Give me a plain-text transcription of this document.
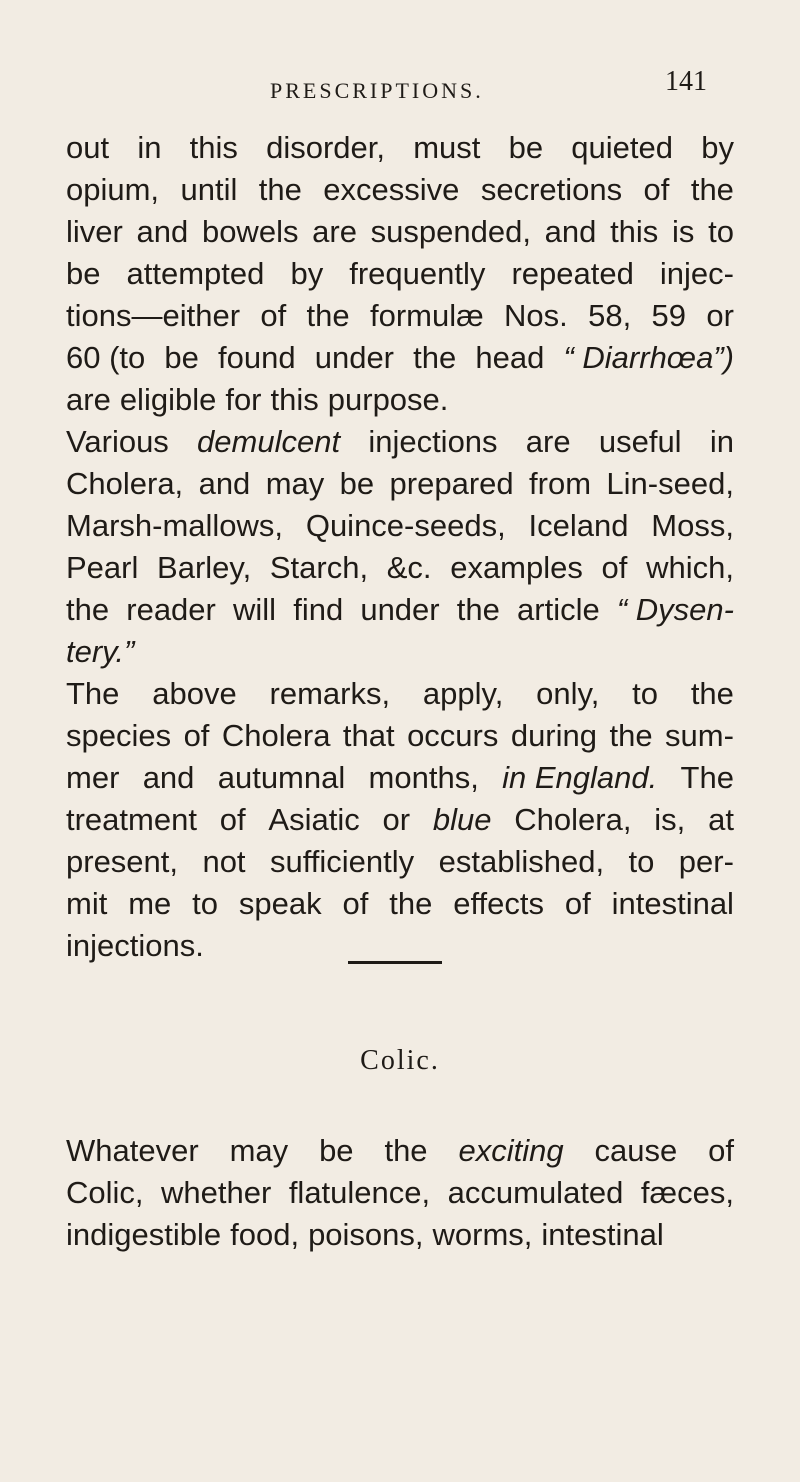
PRESCRIPTIONS.	141
out in this disorder, must be quieted by
opium, until the excessive secretions of the
liver and bowels are suspended, and this is to
be attempted by frequently repeated injec-
tions—either of the formulæ Nos. 58, 59 or
60 (to be found under the head “ Diarrhœa”)
are eligible for this purpose.
Various demulcent injections are useful in
Cholera, and may be prepared from Lin-seed,
Marsh-mallows, Quince-seeds, Iceland Moss,
Pearl Barley, Starch, &c. examples of which,
the reader will find under the article “ Dysen-
tery.”
The above remarks, apply, only, to the
species of Cholera that occurs during the sum-
mer and autumnal months, in England. The
treatment of Asiatic or blue Cholera, is, at
present, not sufficiently established, to per-
mit me to speak of the effects of intestinal
injections.
Colic.
Whatever may be the exciting cause of
Colic, whether flatulence, accumulated fæces,
indigestible food, poisons, worms, intestinal
